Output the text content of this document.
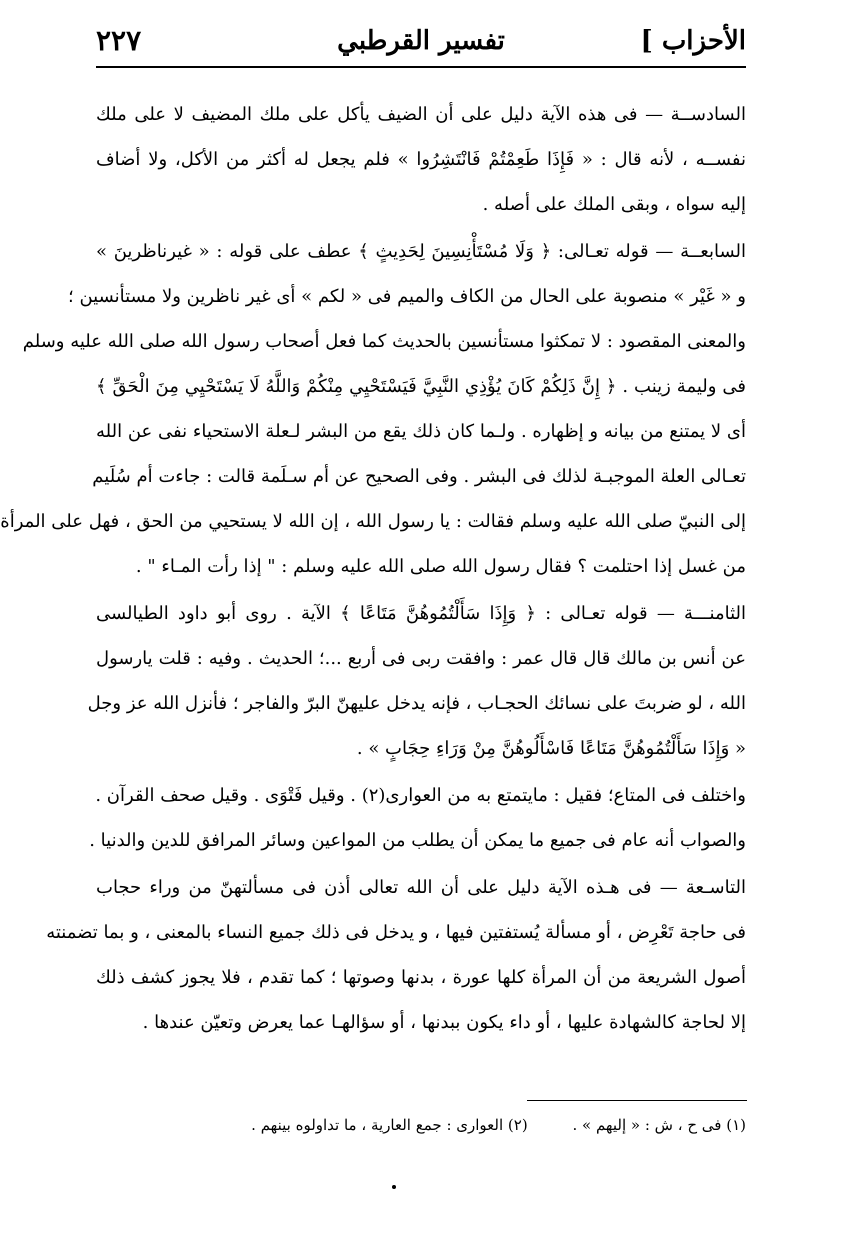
الأحزاب ]
تفسير القرطبي
٢٢٧
السادســة — فى هذه الآية دليل على أن الضيف يأكل على ملك المضيف لا على ملك
نفســه ، لأنه قال : « فَإِذَا طَعِمْتُمْ فَانْتَشِرُوا » فلم يجعل له أكثر من الأكل، ولا أضاف
إليه سواه ، وبقى الملك على أصله .
السابعــة — قوله تعـالى: ﴿ وَلَا مُسْتَأْنِسِينَ لِحَدِيثٍ ﴾ عطف على قوله : « غيرناظرينَ »
و « غَيْر » منصوبة على الحال من الكاف والميم فى « لكم » أى غير ناظرين ولا مستأنسين ؛
والمعنى المقصود : لا تمكثوا مستأنسين بالحديث كما فعل أصحاب رسول الله صلى الله عليه وسلم
فى وليمة زينب . ﴿ إِنَّ ذَلِكُمْ كَانَ يُؤْذِي النَّبِيَّ فَيَسْتَحْيِي مِنْكُمْ وَاللَّهُ لَا يَسْتَحْيِي مِنَ الْحَقِّ ﴾
أى لا يمتنع من بيانه و إظهاره . ولـما كان ذلك يقع من البشر لـعلة الاستحياء نفى عن الله
تعـالى العلة الموجبـة لذلك فى البشر . وفى الصحيح عن أم سـلَمة قالت : جاءت أم سُلَيم
إلى النبيّ صلى الله عليه وسلم فقالت : يا رسول الله ، إن الله لا يستحيي من الحق ، فهل على المرأة
من غسل إذا احتلمت ؟ فقال رسول الله صلى الله عليه وسلم : " إذا رأت المـاء " .
الثامنـــة — قوله تعـالى : ﴿ وَإِذَا سَأَلْتُمُوهُنَّ مَتَاعًا ﴾ الآية . روى أبو داود الطيالسى
عن أنس بن مالك قال قال عمر : وافقت ربى فى أربع ...؛ الحديث . وفيه : قلت يارسول
الله ، لو ضربتَ على نسائك الحجـاب ، فإنه يدخل عليهنّ البرّ والفاجر ؛ فأنزل الله عز وجل
« وَإِذَا سَأَلْتُمُوهُنَّ مَتَاعًا فَاسْأَلُوهُنَّ مِنْ وَرَاءِ حِجَابٍ » .
واختلف فى المتاع؛ فقيل : مايتمتع به من العوارى(٢) . وقيل فَتْوَى . وقيل صحف القرآن .
والصواب أنه عام فى جميع ما يمكن أن يطلب من المواعين وسائر المرافق للدين والدنيا .
التاسـعة — فى هـذه الآية دليل على أن الله تعالى أذن فى مسألتهنّ من وراء حجاب
فى حاجة تَعْرِض ، أو مسألة يُستفتين فيها ، و يدخل فى ذلك جميع النساء بالمعنى ، و بما تضمنته
أصول الشريعة من أن المرأة كلها عورة ، بدنها وصوتها ؛ كما تقدم ، فلا يجوز كشف ذلك
إلا لحاجة كالشهادة عليها ، أو داء يكون ببدنها ، أو سؤالهـا عما يعرض وتعيّن عندها .
(١) فى ح ، ش : « إليهم » . (٢) العوارى : جمع العارية ، ما تداولوه بينهم .
